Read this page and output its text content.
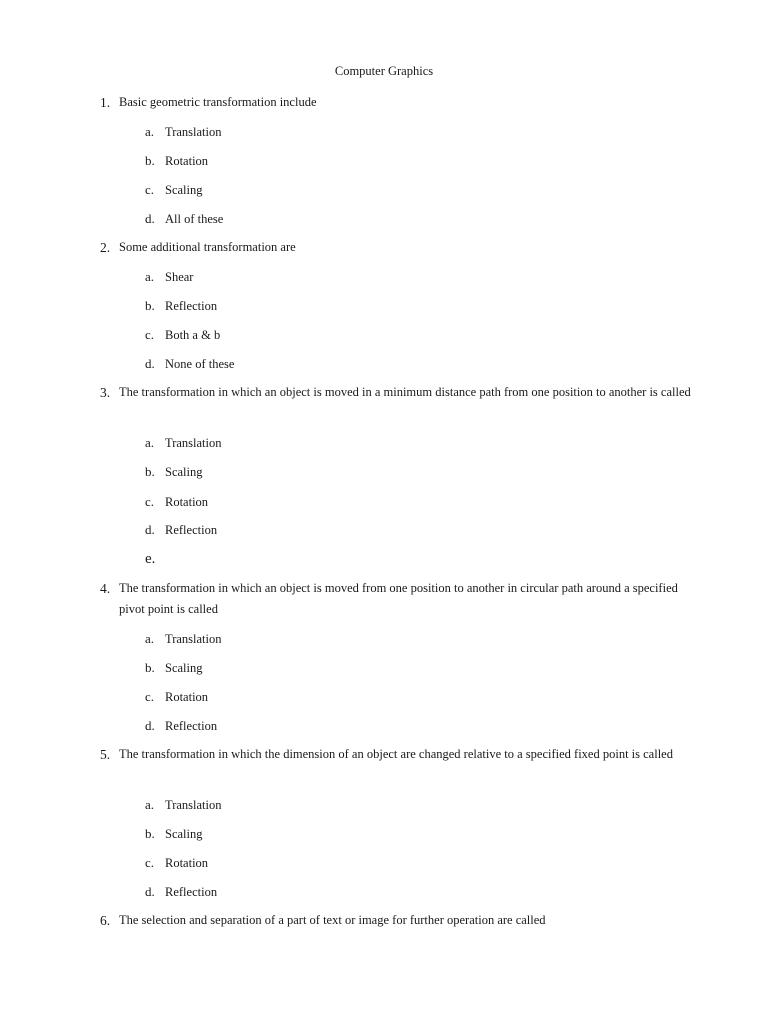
Computer Graphics
1. Basic geometric transformation include
a. Translation
b. Rotation
c. Scaling
d. All of these
2. Some additional transformation are
a. Shear
b. Reflection
c. Both a & b
d. None of these
3. The transformation in which an object is moved in a minimum distance path from one position to another is called
a. Translation
b. Scaling
c. Rotation
d. Reflection
e.
4. The transformation in which an object is moved from one position to another in circular path around a specified pivot point is called
a. Translation
b. Scaling
c. Rotation
d. Reflection
5. The transformation in which the dimension of an object are changed relative to a specified fixed point is called
a. Translation
b. Scaling
c. Rotation
d. Reflection
6. The selection and separation of a part of text or image for further operation are called
